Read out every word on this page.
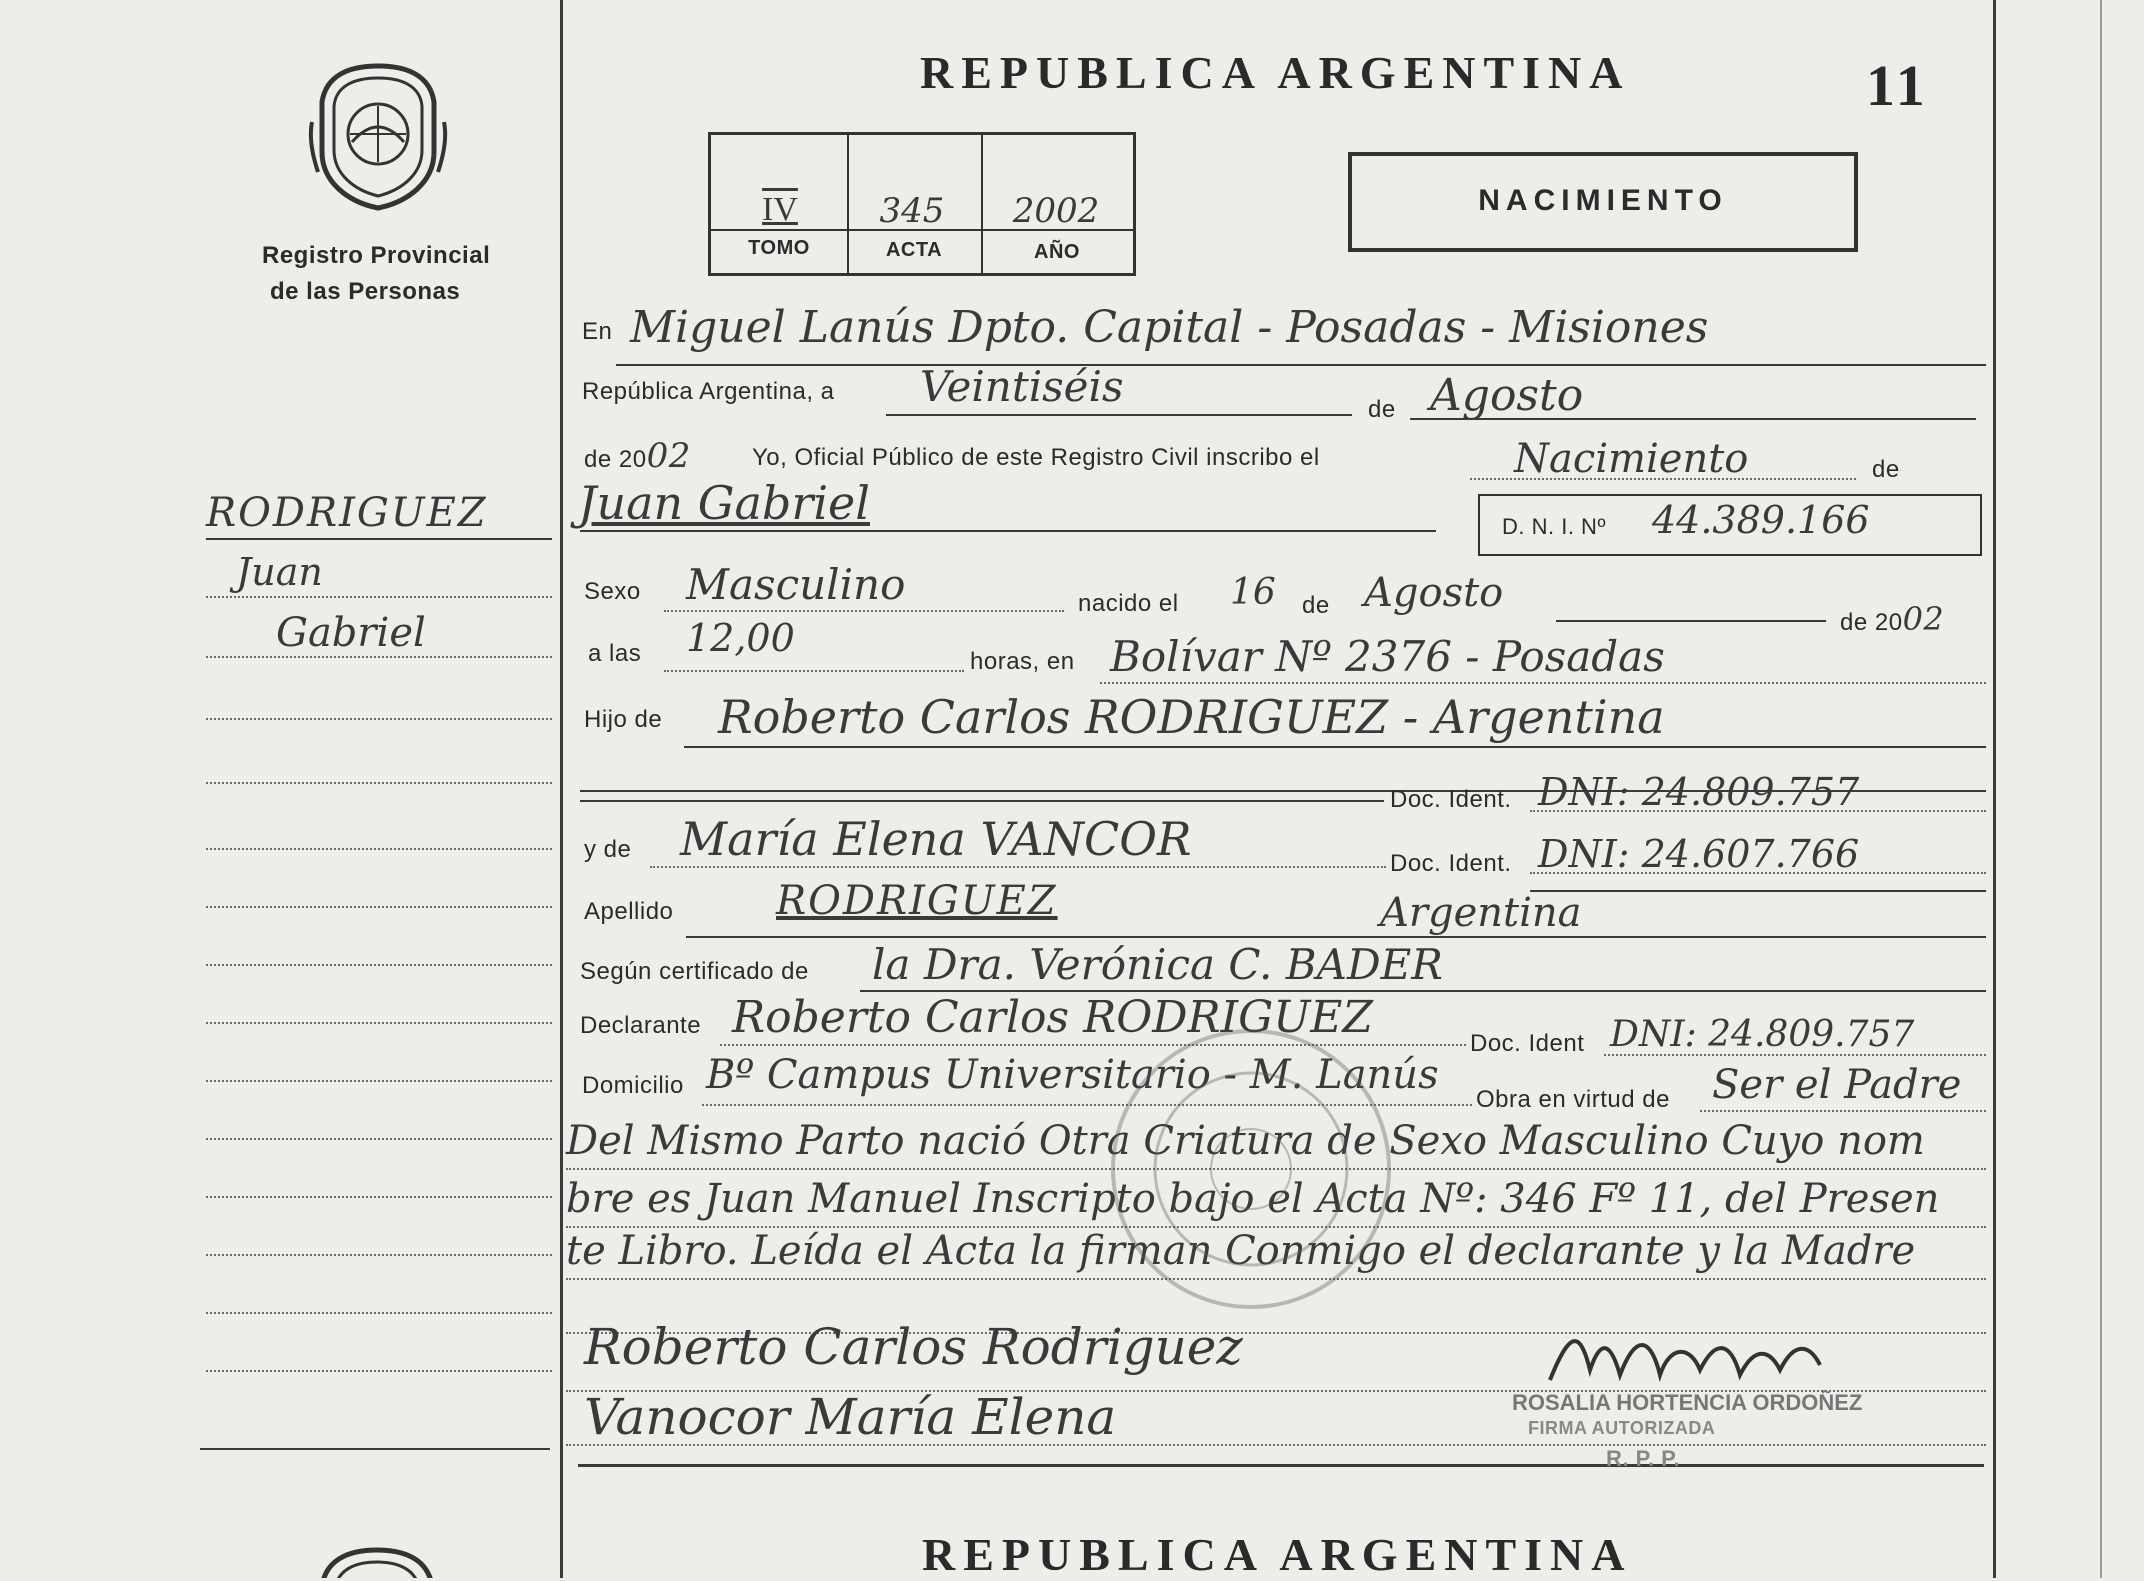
Registro Provincial
de las Personas
RODRIGUEZ
Juan
Gabriel
REPUBLICA ARGENTINA	11
IV	345	2002
TOMO	ACTA	AÑO
NACIMIENTO
En Miguel Lanús Dpto. Capital - Posadas - Misiones
República Argentina, a Veintiséis	de Agosto
de 2002	Yo, Oficial Público de este Registro Civil inscribo el	Nacimiento	de
Juan Gabriel	D. N. I. Nº 44.389.166
Sexo Masculino	nacido el 16 de Agosto
de 2002
a las 12,00
horas, en Bolívar Nº 2376 - Posadas
Hijo de Roberto Carlos RODRIGUEZ - Argentina
Doc. Ident. DNI: 24.809.757
y de María Elena VANCOR	Doc. Ident. DNI: 24.607.766
Apellido	RODRIGUEZ	Argentina
Según certificado de la Dra. Verónica C. BADER
Declarante Roberto Carlos RODRIGUEZ
Doc. Ident DNI: 24.809.757
Domicilio Bº Campus Universitario - M. Lanús
Obra en virtud de Ser el Padre
Del Mismo Parto nació Otra Criatura de Sexo Masculino Cuyo nom
bre es Juan Manuel Inscripto bajo el Acta Nº: 346 Fº 11, del Presen
te Libro. Leída el Acta la firman Conmigo el declarante y la Madre
Roberto Carlos Rodriguez
Vanocor María Elena	ROSALIA HORTENCIA ORDOÑEZ
FIRMA AUTORIZADA
R. P. P.
REPUBLICA ARGENTINA
